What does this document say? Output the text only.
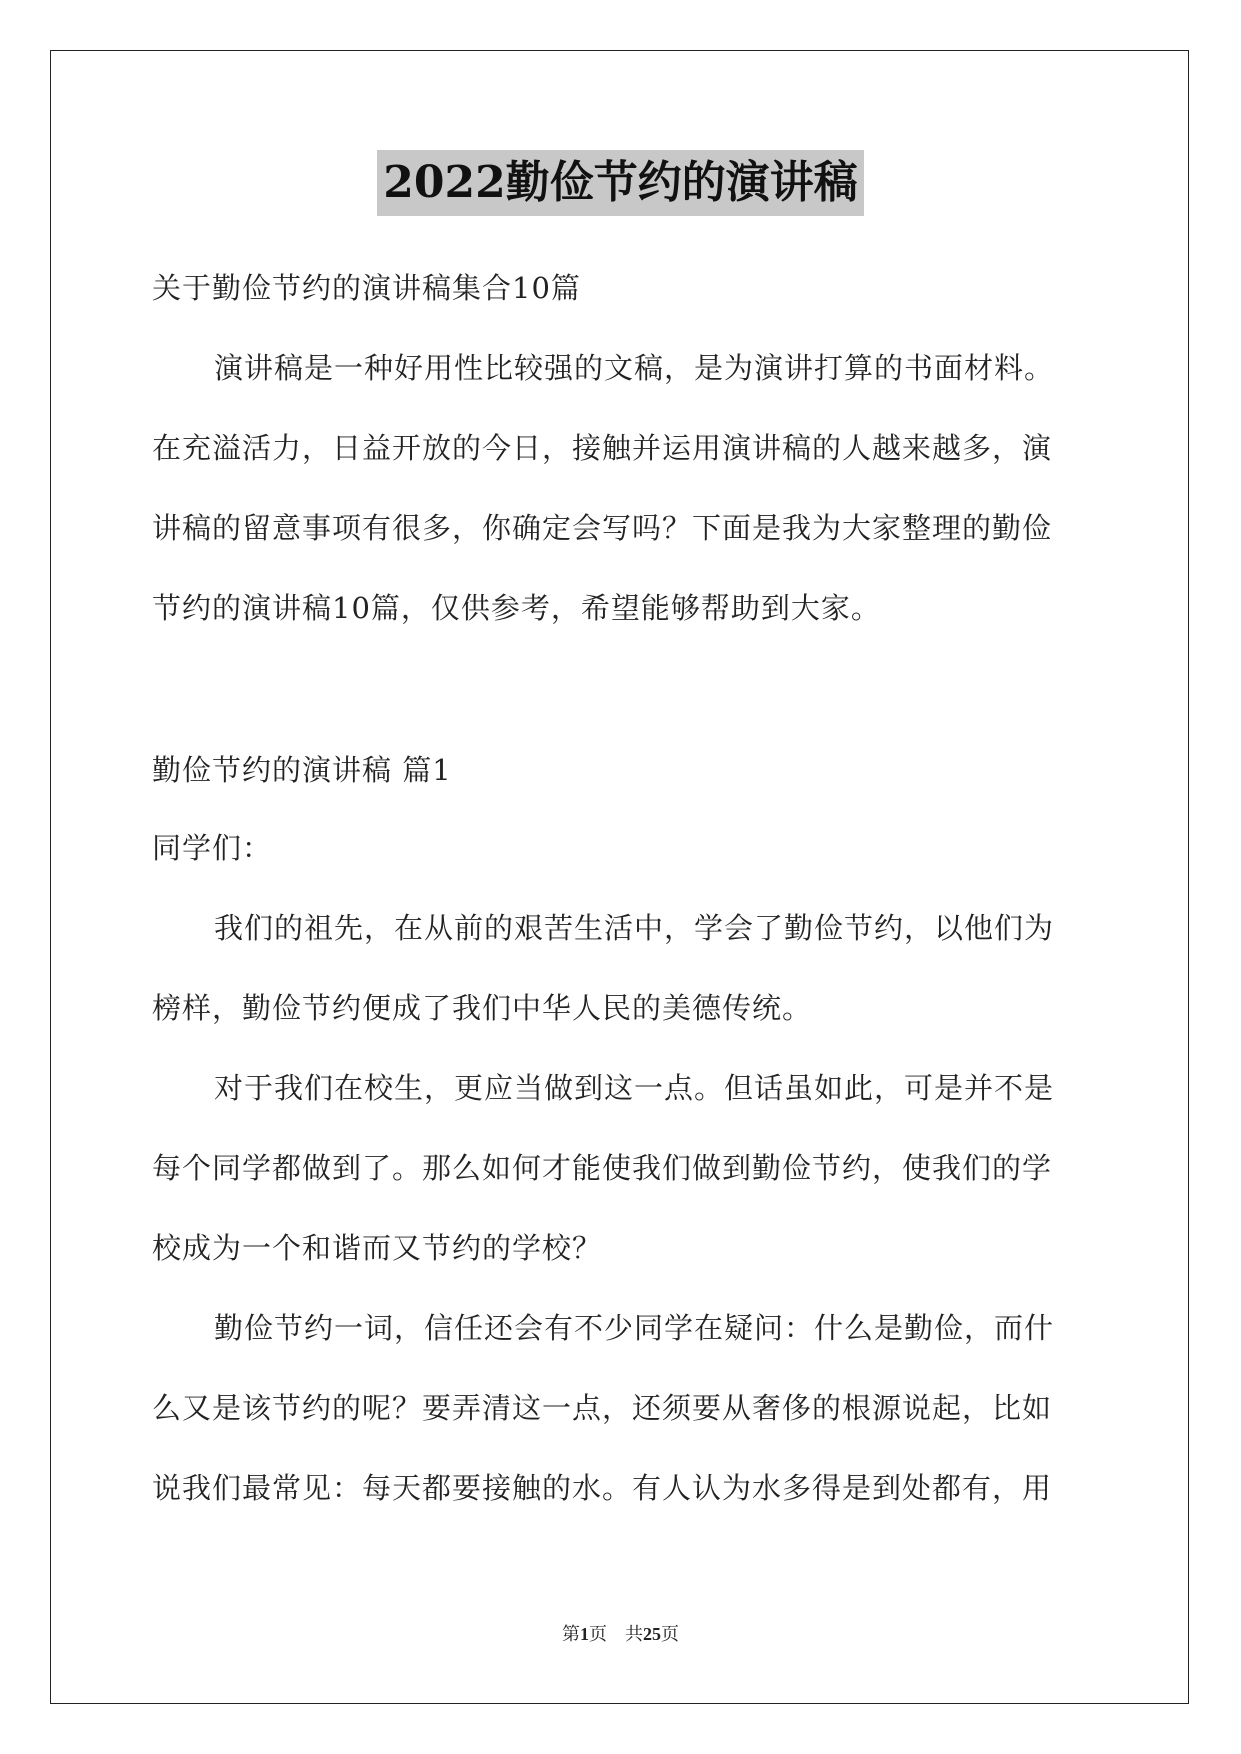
2022勤俭节约的演讲稿
关于勤俭节约的演讲稿集合10篇
演讲稿是一种好用性比较强的文稿，是为演讲打算的书面材料。
在充溢活力，日益开放的今日，接触并运用演讲稿的人越来越多，演
讲稿的留意事项有很多，你确定会写吗？下面是我为大家整理的勤俭
节约的演讲稿10篇，仅供参考，希望能够帮助到大家。
勤俭节约的演讲稿 篇1
同学们：
我们的祖先，在从前的艰苦生活中，学会了勤俭节约，以他们为
榜样，勤俭节约便成了我们中华人民的美德传统。
对于我们在校生，更应当做到这一点。但话虽如此，可是并不是
每个同学都做到了。那么如何才能使我们做到勤俭节约，使我们的学
校成为一个和谐而又节约的学校？
勤俭节约一词，信任还会有不少同学在疑问：什么是勤俭，而什
么又是该节约的呢？要弄清这一点，还须要从奢侈的根源说起，比如
说我们最常见：每天都要接触的水。有人认为水多得是到处都有，用
第1页　共25页
